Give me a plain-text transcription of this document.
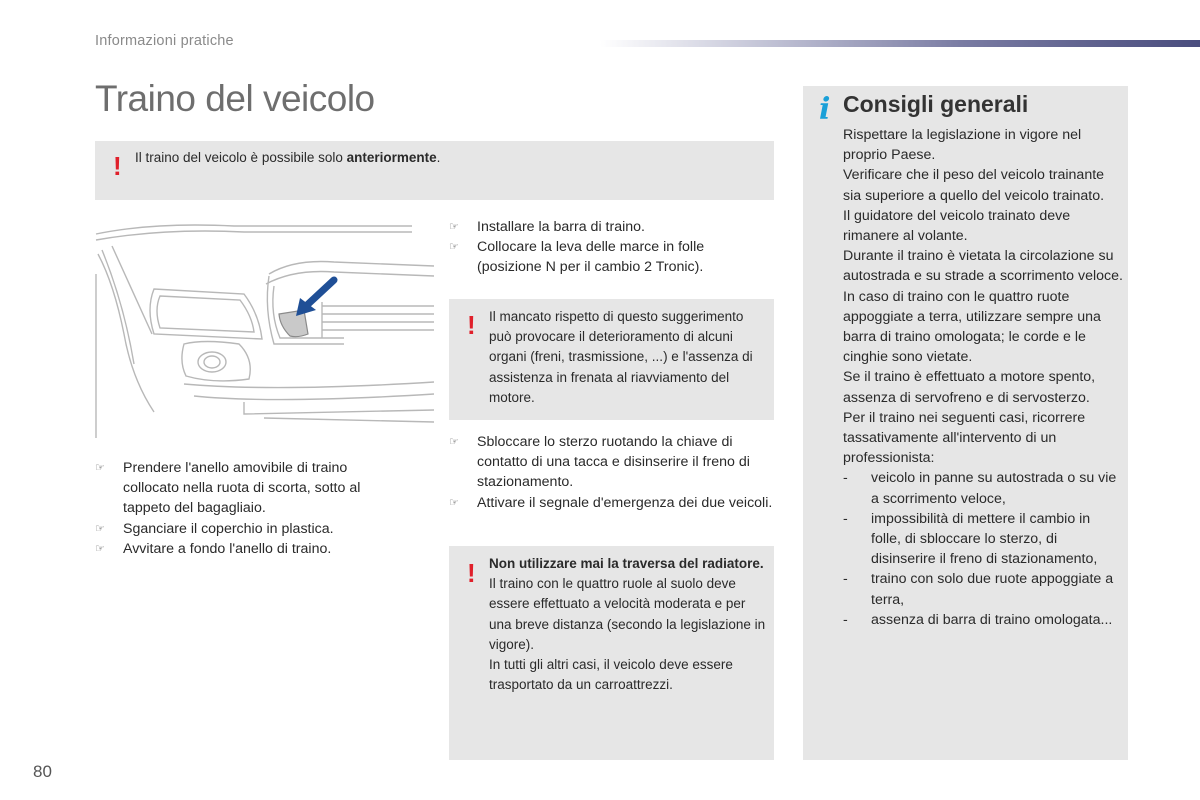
Informazioni pratiche
Traino del veicolo
! Il traino del veicolo è possibile solo anteriormente.
☞ Prendere l'anello amovibile di traino collocato nella ruota di scorta, sotto al tappeto del bagagliaio.
☞ Sganciare il coperchio in plastica.
☞ Avvitare a fondo l'anello di traino.
☞ Installare la barra di traino.
☞ Collocare la leva delle marce in folle (posizione N per il cambio 2 Tronic).
! Il mancato rispetto di questo suggerimento può provocare il deterioramento di alcuni organi (freni, trasmissione, ...) e l'assenza di assistenza in frenata al riavviamento del motore.
☞ Sbloccare lo sterzo ruotando la chiave di contatto di una tacca e disinserire il freno di stazionamento.
☞ Attivare il segnale d'emergenza dei due veicoli.
! Non utilizzare mai la traversa del radiatore.
Il traino con le quattro ruole al suolo deve essere effettuato a velocità moderata e per una breve distanza (secondo la legislazione in vigore).
In tutti gli altri casi, il veicolo deve essere trasportato da un carroattrezzi.
i Consigli generali

Rispettare la legislazione in vigore nel proprio Paese.

Verificare che il peso del veicolo trainante sia superiore a quello del veicolo trainato.

Il guidatore del veicolo trainato deve rimanere al volante.

Durante il traino è vietata la circolazione su autostrada e su strade a scorrimento veloce.

In caso di traino con le quattro ruote appoggiate a terra, utilizzare sempre una barra di traino omologata; le corde e le cinghie sono vietate.

Se il traino è effettuato a motore spento, assenza di servofreno e di servosterzo.

Per il traino nei seguenti casi, ricorrere tassativamente all'intervento di un professionista:

- veicolo in panne su autostrada o su vie a scorrimento veloce,
- impossibilità di mettere il cambio in folle, di sbloccare lo sterzo, di disinserire il freno di stazionamento,
- traino con solo due ruote appoggiate a terra,
- assenza di barra di traino omologata...
80
